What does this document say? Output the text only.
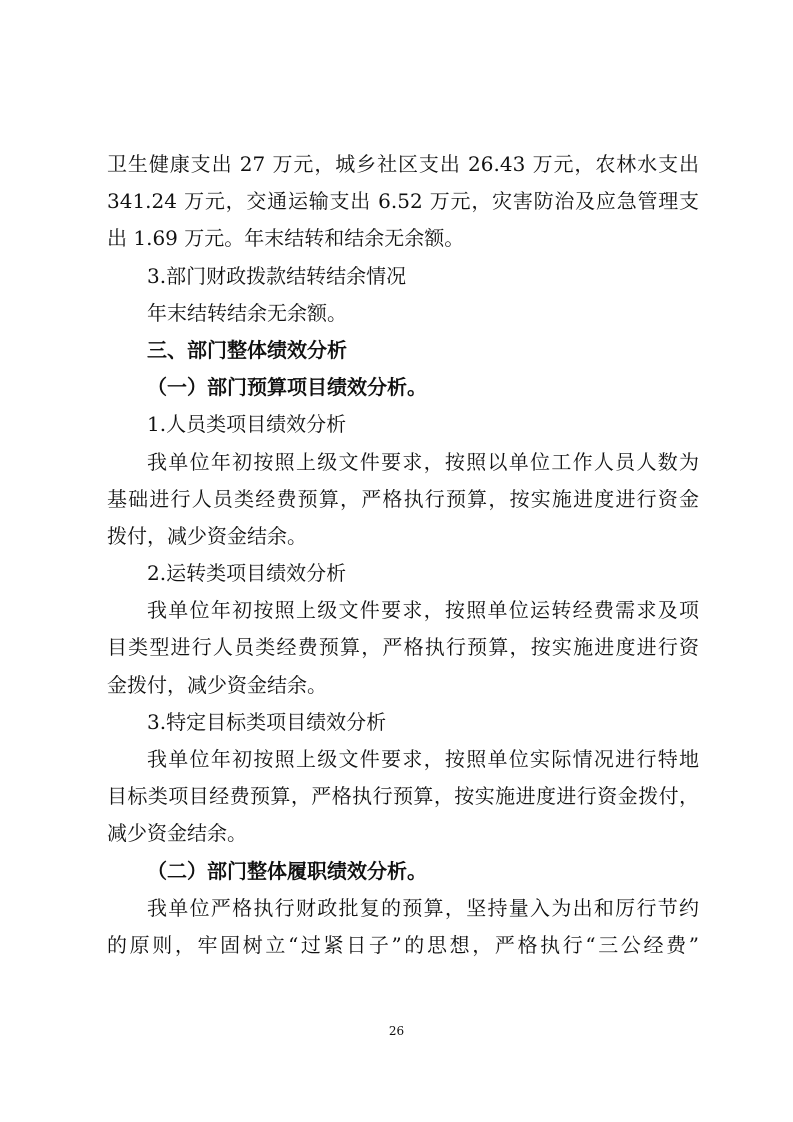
卫生健康支出 27 万元，城乡社区支出 26.43 万元，农林水支出
341.24 万元，交通运输支出 6.52 万元，灾害防治及应急管理支
出 1.69 万元。年末结转和结余无余额。
3.部门财政拨款结转结余情况
年末结转结余无余额。
三、部门整体绩效分析
（一）部门预算项目绩效分析。
1.人员类项目绩效分析
我单位年初按照上级文件要求，按照以单位工作人员人数为
基础进行人员类经费预算，严格执行预算，按实施进度进行资金
拨付，减少资金结余。
2.运转类项目绩效分析
我单位年初按照上级文件要求，按照单位运转经费需求及项
目类型进行人员类经费预算，严格执行预算，按实施进度进行资
金拨付，减少资金结余。
3.特定目标类项目绩效分析
我单位年初按照上级文件要求，按照单位实际情况进行特地
目标类项目经费预算，严格执行预算，按实施进度进行资金拨付，
减少资金结余。
（二）部门整体履职绩效分析。
我单位严格执行财政批复的预算，坚持量入为出和厉行节约
的原则，牢固树立“过紧日子”的思想，严格执行“三公经费”
26
